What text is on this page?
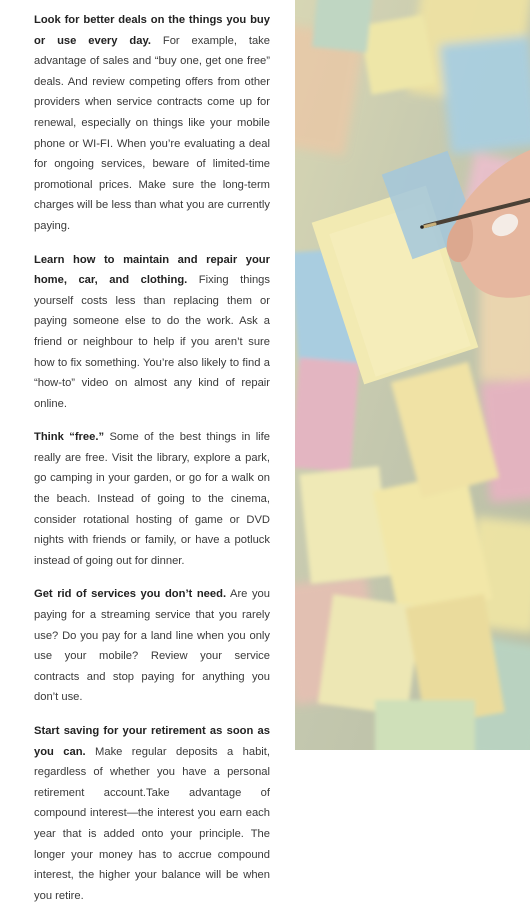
Look for better deals on the things you buy or use every day. For example, take advantage of sales and “buy one, get one free” deals. And review competing offers from other providers when service contracts come up for renewal, especially on things like your mobile phone or WI-FI. When you’re evaluating a deal for ongoing services, beware of limited-time promotional prices. Make sure the long-term charges will be less than what you are currently paying.

Learn how to maintain and repair your home, car, and clothing. Fixing things yourself costs less than replacing them or paying someone else to do the work. Ask a friend or neighbour to help if you aren’t sure how to fix something. You’re also likely to find a “how-to” video on almost any kind of repair online.

Think “free.” Some of the best things in life really are free. Visit the library, explore a park, go camping in your garden, or go for a walk on the beach. Instead of going to the cinema, consider rotational hosting of game or DVD nights with friends or family, or have a potluck instead of going out for dinner.

Get rid of services you don’t need. Are you paying for a streaming service that you rarely use? Do you pay for a land line when you only use your mobile? Review your service contracts and stop paying for anything you don’t use.

Start saving for your retirement as soon as you can. Make regular deposits a habit, regardless of whether you have a personal retirement account.Take advantage of compound interest—the interest you earn each year that is added onto your principle. The longer your money has to accrue compound interest, the higher your balance will be when you retire.
